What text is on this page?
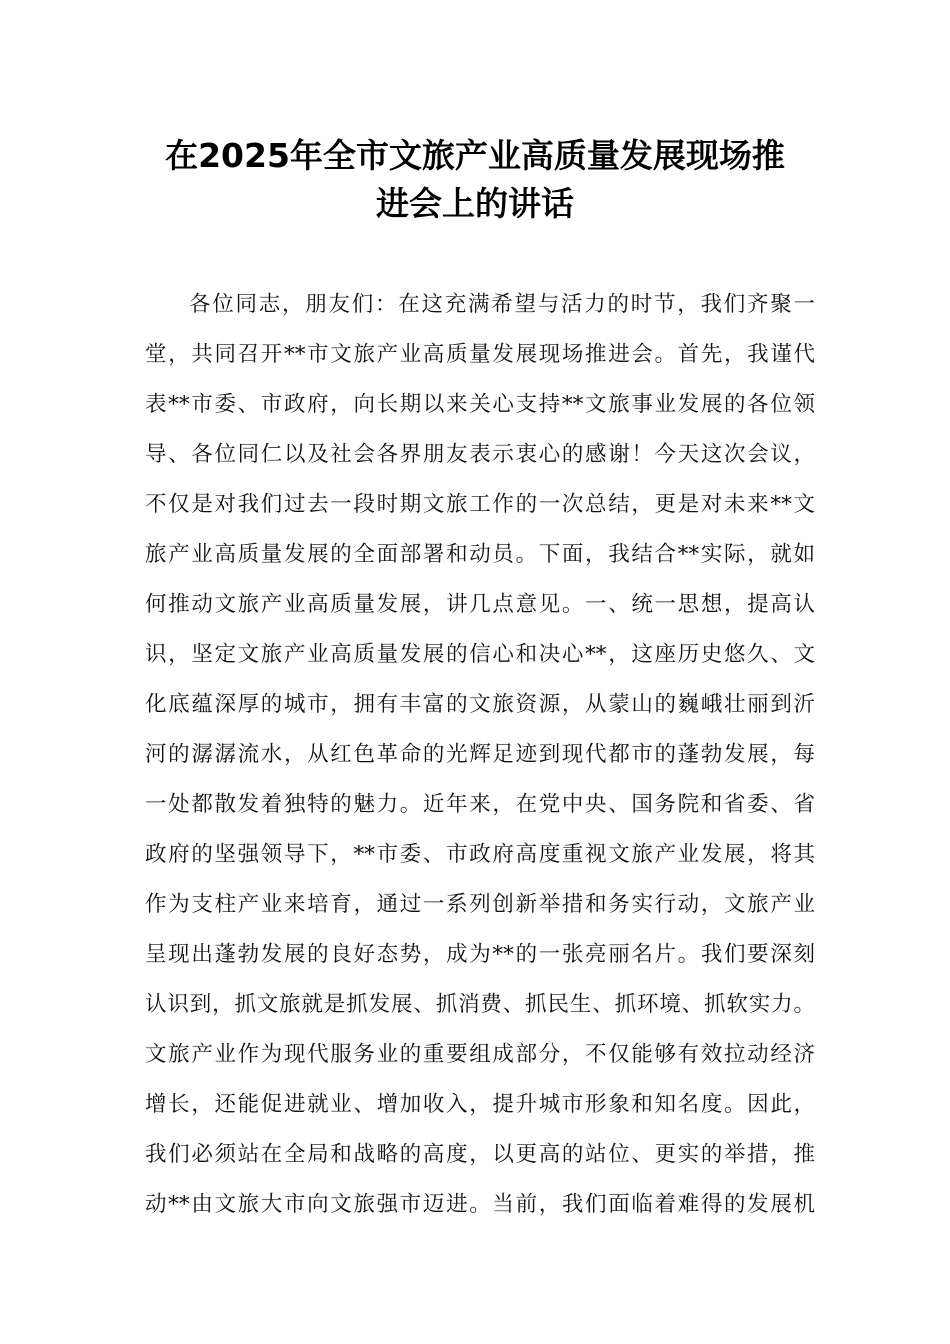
在2025年全市文旅产业高质量发展现场推
进会上的讲话
各位同志，朋友们：在这充满希望与活力的时节，我们齐聚一
堂，共同召开**市文旅产业高质量发展现场推进会。首先，我谨代
表**市委、市政府，向长期以来关心支持**文旅事业发展的各位领
导、各位同仁以及社会各界朋友表示衷心的感谢！今天这次会议，
不仅是对我们过去一段时期文旅工作的一次总结，更是对未来**文
旅产业高质量发展的全面部署和动员。下面，我结合**实际，就如
何推动文旅产业高质量发展，讲几点意见。一、统一思想，提高认
识，坚定文旅产业高质量发展的信心和决心**，这座历史悠久、文
化底蕴深厚的城市，拥有丰富的文旅资源，从蒙山的巍峨壮丽到沂
河的潺潺流水，从红色革命的光辉足迹到现代都市的蓬勃发展，每
一处都散发着独特的魅力。近年来，在党中央、国务院和省委、省
政府的坚强领导下，**市委、市政府高度重视文旅产业发展，将其
作为支柱产业来培育，通过一系列创新举措和务实行动，文旅产业
呈现出蓬勃发展的良好态势，成为**的一张亮丽名片。我们要深刻
认识到，抓文旅就是抓发展、抓消费、抓民生、抓环境、抓软实力。
文旅产业作为现代服务业的重要组成部分，不仅能够有效拉动经济
增长，还能促进就业、增加收入，提升城市形象和知名度。因此，
我们必须站在全局和战略的高度，以更高的站位、更实的举措，推
动**由文旅大市向文旅强市迈进。当前，我们面临着难得的发展机
